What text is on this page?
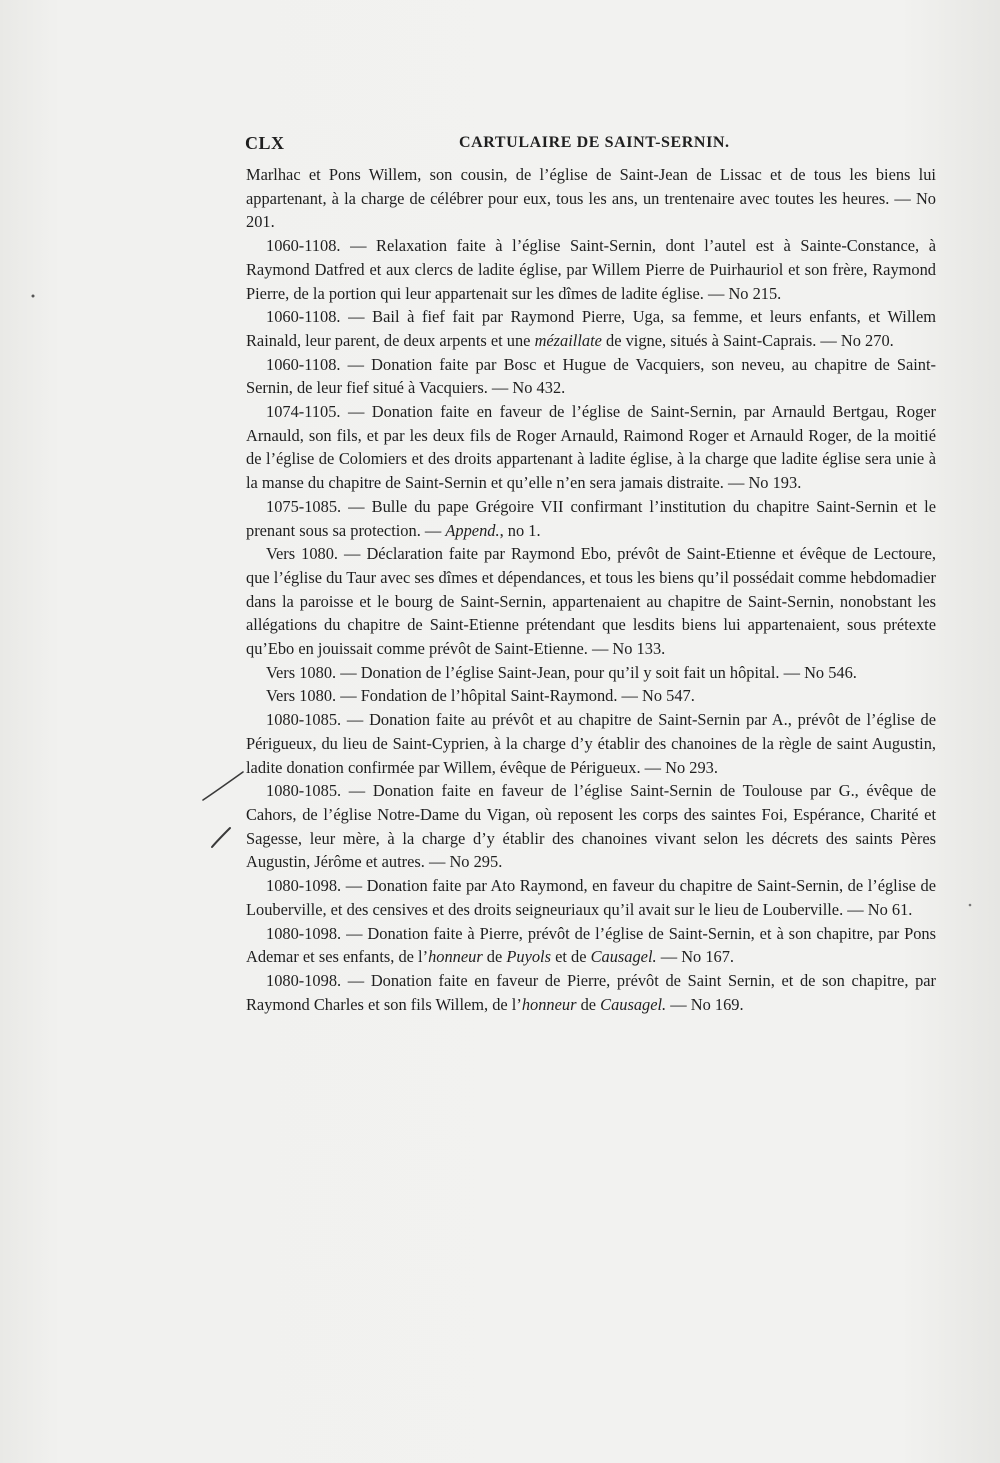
CLX	CARTULAIRE DE SAINT-SERNIN.

Marlhac et Pons Willem, son cousin, de l’église de Saint-Jean de Lissac et de tous les biens lui appartenant, à la charge de célébrer pour eux, tous les ans, un trentenaire avec toutes les heures. — No 201.

1060-1108. — Relaxation faite à l’église Saint-Sernin, dont l’autel est à Sainte-Constance, à Raymond Datfred et aux clercs de ladite église, par Willem Pierre de Puirhauriol et son frère, Raymond Pierre, de la portion qui leur appartenait sur les dîmes de ladite église. — No 215.

1060-1108. — Bail à fief fait par Raymond Pierre, Uga, sa femme, et leurs enfants, et Willem Rainald, leur parent, de deux arpents et une mézaillate de vigne, situés à Saint-Caprais. — No 270.

1060-1108. — Donation faite par Bosc et Hugue de Vacquiers, son neveu, au chapitre de Saint-Sernin, de leur fief situé à Vacquiers. — No 432.

1074-1105. — Donation faite en faveur de l’église de Saint-Sernin, par Arnauld Bertgau, Roger Arnauld, son fils, et par les deux fils de Roger Arnauld, Raimond Roger et Arnauld Roger, de la moitié de l’église de Colomiers et des droits appartenant à ladite église, à la charge que ladite église sera unie à la manse du chapitre de Saint-Sernin et qu’elle n’en sera jamais distraite. — No 193.

1075-1085. — Bulle du pape Grégoire VII confirmant l’institution du chapitre Saint-Sernin et le prenant sous sa protection. — Append., no 1.

Vers 1080. — Déclaration faite par Raymond Ebo, prévôt de Saint-Etienne et évêque de Lectoure, que l’église du Taur avec ses dîmes et dépendances, et tous les biens qu’il possédait comme hebdomadier dans la paroisse et le bourg de Saint-Sernin, appartenaient au chapitre de Saint-Sernin, nonobstant les allégations du chapitre de Saint-Etienne prétendant que lesdits biens lui appartenaient, sous prétexte qu’Ebo en jouissait comme prévôt de Saint-Etienne. — No 133.

Vers 1080. — Donation de l’église Saint-Jean, pour qu’il y soit fait un hôpital. — No 546.

Vers 1080. — Fondation de l’hôpital Saint-Raymond. — No 547.

1080-1085. — Donation faite au prévôt et au chapitre de Saint-Sernin par A., prévôt de l’église de Périgueux, du lieu de Saint-Cyprien, à la charge d’y établir des chanoines de la règle de saint Augustin, ladite donation confirmée par Willem, évêque de Périgueux. — No 293.

1080-1085. — Donation faite en faveur de l’église Saint-Sernin de Toulouse par G., évêque de Cahors, de l’église Notre-Dame du Vigan, où reposent les corps des saintes Foi, Espérance, Charité et Sagesse, leur mère, à la charge d’y établir des chanoines vivant selon les décrets des saints Pères Augustin, Jérôme et autres. — No 295.

1080-1098. — Donation faite par Ato Raymond, en faveur du chapitre de Saint-Sernin, de l’église de Louberville, et des censives et des droits seigneuriaux qu’il avait sur le lieu de Louberville. — No 61.

1080-1098. — Donation faite à Pierre, prévôt de l’église de Saint-Sernin, et à son chapitre, par Pons Ademar et ses enfants, de l’honneur de Puyols et de Causagel. — No 167.

1080-1098. — Donation faite en faveur de Pierre, prévôt de Saint Sernin, et de son chapitre, par Raymond Charles et son fils Willem, de l’honneur de Causagel. — No 169.
